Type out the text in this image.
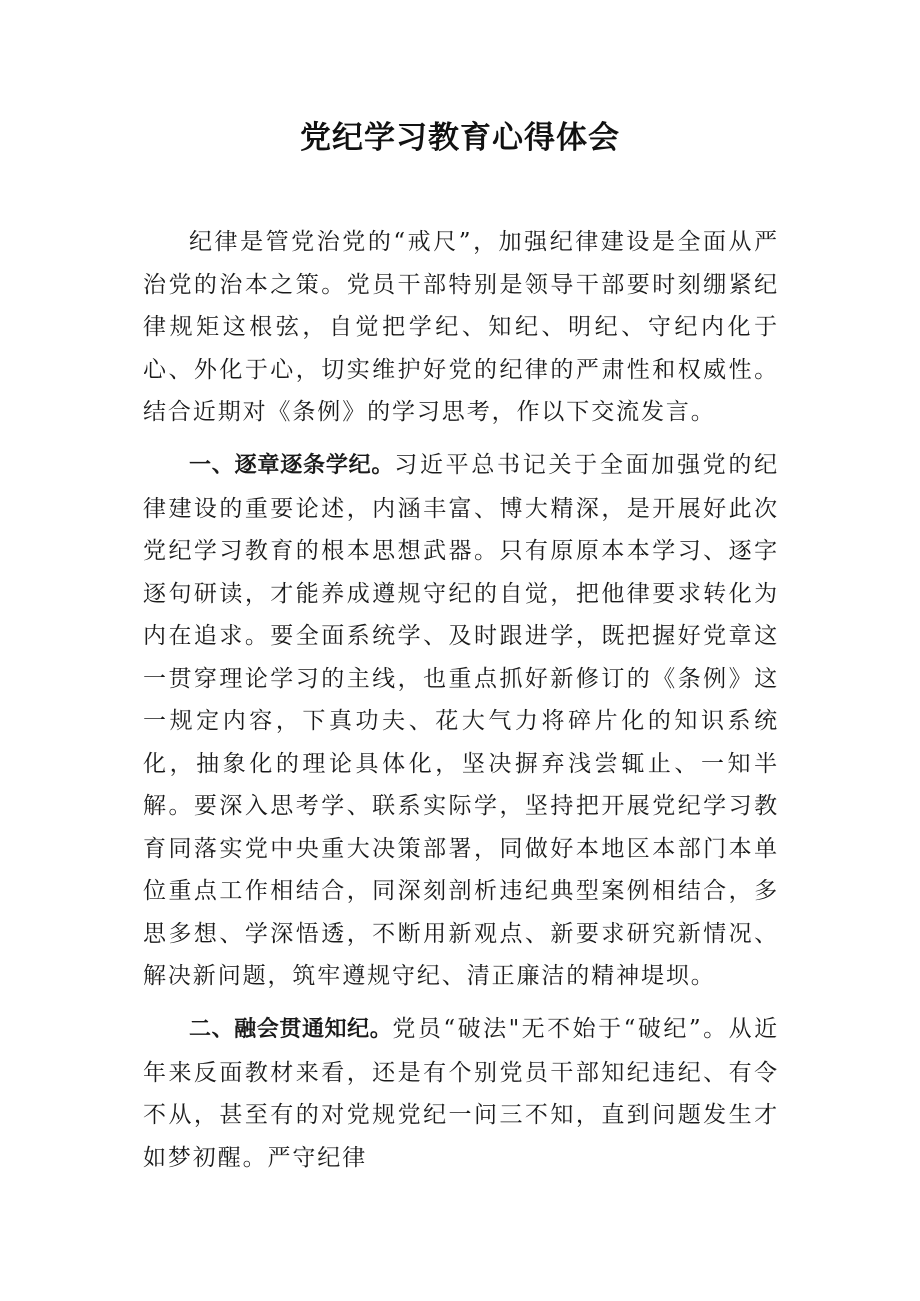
党纪学习教育心得体会

纪律是管党治党的“戒尺”，加强纪律建设是全面从严治党的治本之策。党员干部特别是领导干部要时刻绷紧纪律规矩这根弦，自觉把学纪、知纪、明纪、守纪内化于心、外化于心，切实维护好党的纪律的严肃性和权威性。结合近期对《条例》的学习思考，作以下交流发言。

一、逐章逐条学纪。习近平总书记关于全面加强党的纪律建设的重要论述，内涵丰富、博大精深，是开展好此次党纪学习教育的根本思想武器。只有原原本本学习、逐字逐句研读，才能养成遵规守纪的自觉，把他律要求转化为内在追求。要全面系统学、及时跟进学，既把握好党章这一贯穿理论学习的主线，也重点抓好新修订的《条例》这一规定内容，下真功夫、花大气力将碎片化的知识系统化，抽象化的理论具体化，坚决摒弃浅尝辄止、一知半解。要深入思考学、联系实际学，坚持把开展党纪学习教育同落实党中央重大决策部署，同做好本地区本部门本单位重点工作相结合，同深刻剖析违纪典型案例相结合，多思多想、学深悟透，不断用新观点、新要求研究新情况、解决新问题，筑牢遵规守纪、清正廉洁的精神堤坝。

二、融会贯通知纪。党员“破法"无不始于“破纪”。从近年来反面教材来看，还是有个别党员干部知纪违纪、有令不从，甚至有的对党规党纪一问三不知，直到问题发生才如梦初醒。严守纪律
